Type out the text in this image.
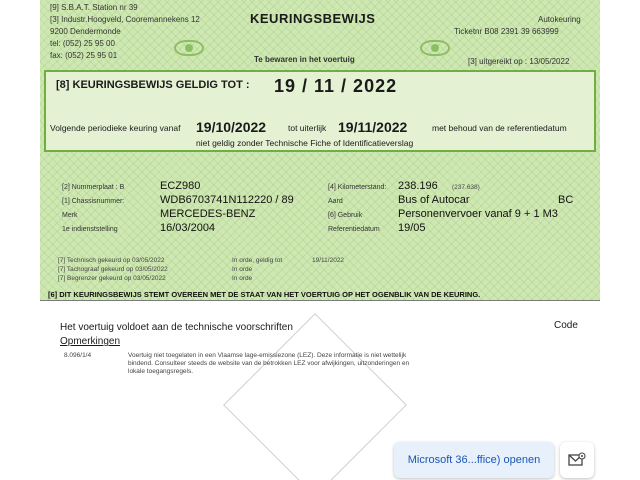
[9] S.B.A.T. Station nr 39
[3] Industr.Hoogveld, Cooremannekens 12
9200 Dendermonde
tel: (052) 25 95 00
fax: (052) 25 95 01
KEURINGSBEWIJS
Te bewaren in het voertuig
Autokeuring
Ticketnr B08 2391 39 663999
[3] uitgereikt op : 13/05/2022
[8] KEURINGSBEWIJS GELDIG TOT : 19 / 11 / 2022
Volgende periodieke keuring vanaf 19/10/2022	tot uiterlijk 19/11/2022	met behoud van de referentiedatum
niet geldig zonder Technische Fiche of Identificatieverslag
[2] Nummerplaat : B	ECZ980
[1] Chassisnummer:	WDB6703741N112220 / 89
Merk	MERCEDES-BENZ
1e indienststelling	16/03/2004
[4] Kilometerstand: 238.196 (237.638)
Aard	Bus of Autocar	BC
[6] Gebruik	Personenvervoer vanaf 9 + 1 M3
Referentiedatum 19/05
[7] Technisch gekeurd op 03/05/2022	In orde, geldig tot	19/11/2022
[7] Tachograaf gekeurd op 03/05/2022	In orde
[7] Begrenzer gekeurd op 03/05/2022	In orde
[6] DIT KEURINGSBEWIJS STEMT OVEREEN MET DE STAAT VAN HET VOERTUIG OP HET OGENBLIK VAN DE KEURING.
Het voertuig voldoet aan de technische voorschriften	Code
Opmerkingen
8.096/1/4	Voertuig niet toegelaten in een Vlaamse lage-emissiezone (LEZ). Deze informatie is niet wettelijk
bindend. Consulteer steeds de website van de betrokken LEZ voor afwijkingen, uitzonderingen en
lokale toegangsregels.
Microsoft 36...ffice) openen
